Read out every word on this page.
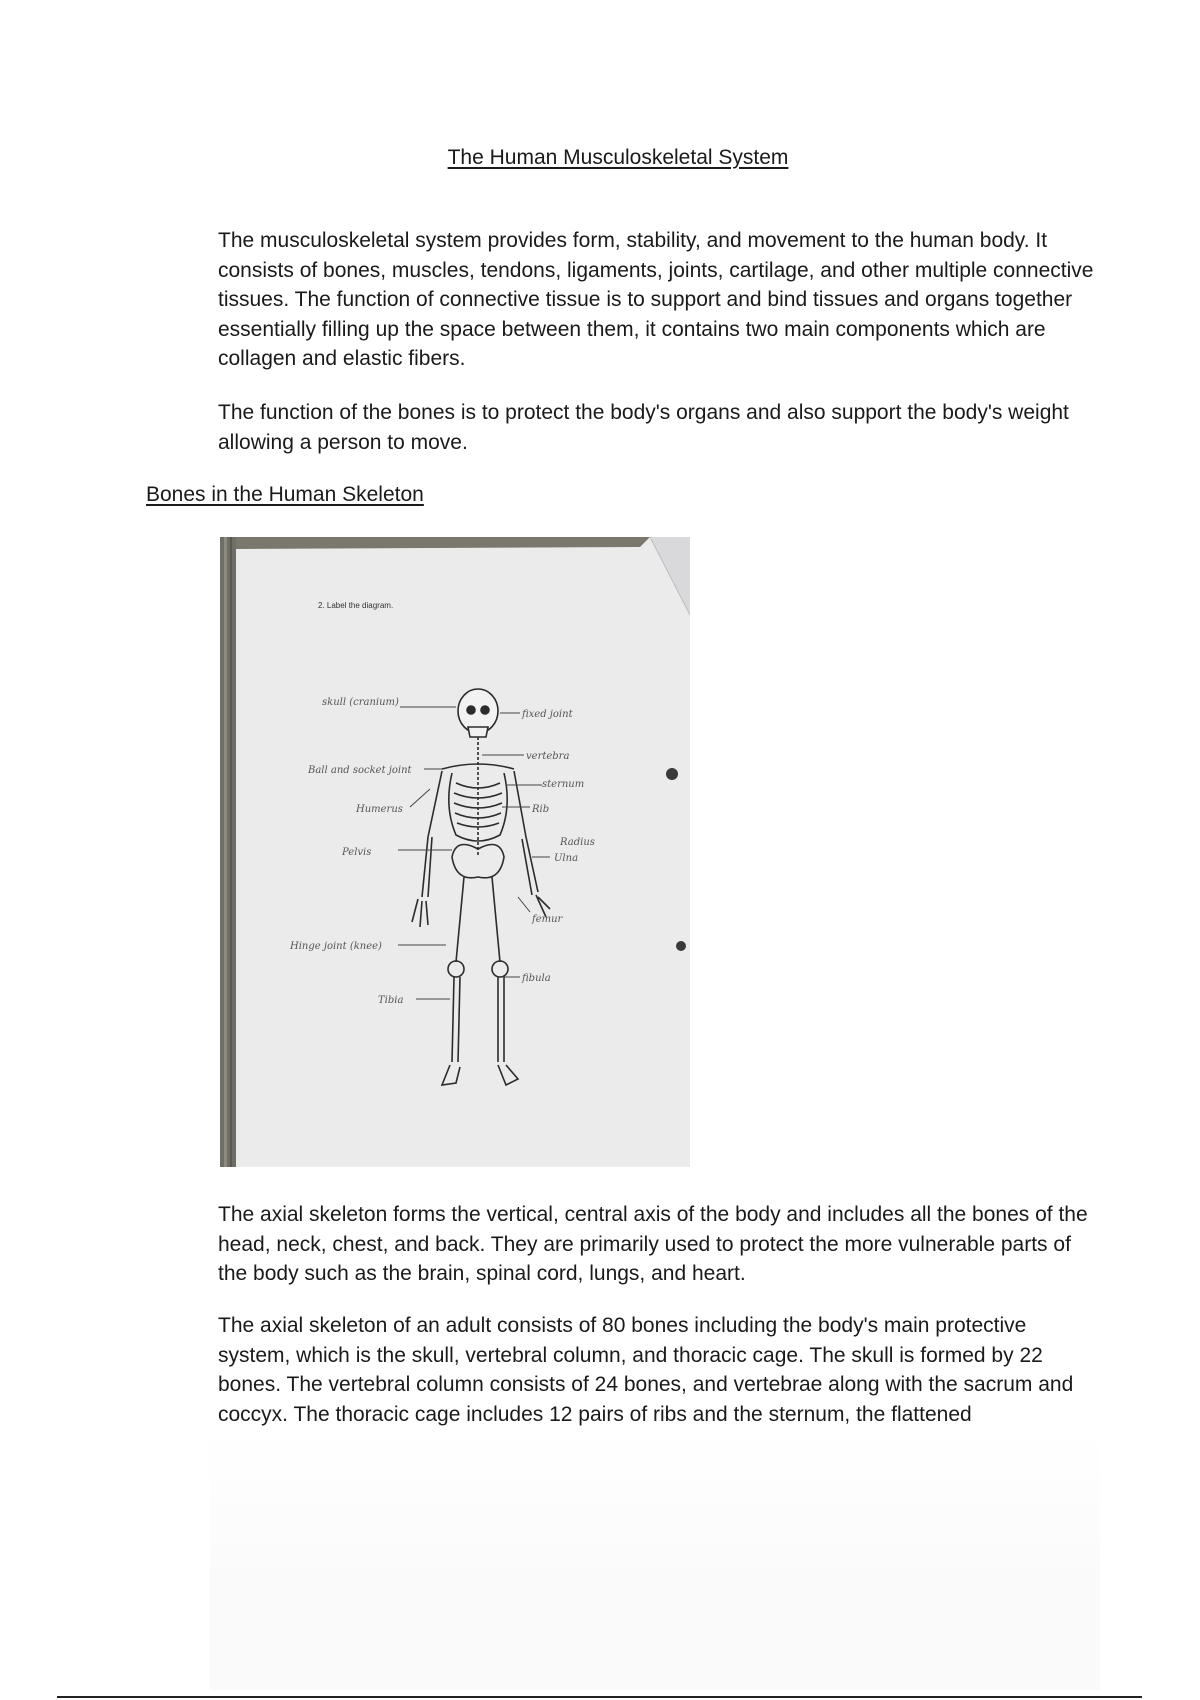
The Human Musculoskeletal System

The musculoskeletal system provides form, stability, and movement to the human body. It consists of bones, muscles, tendons, ligaments, joints, cartilage, and other multiple connective tissues. The function of connective tissue is to support and bind tissues and organs together essentially filling up the space between them, it contains two main components which are collagen and elastic fibers.

The function of the bones is to protect the body's organs and also support the body's weight allowing a person to move.

Bones in the Human Skeleton
2. Label the diagram.
skull (cranium)
fixed joint
vertebra
Ball and socket joint
sternum
Humerus	Rib
Radius
Pelvis
Ulna
femur
Hinge joint (knee)
fibula
Tibia

The axial skeleton forms the vertical, central axis of the body and includes all the bones of the head, neck, chest, and back. They are primarily used to protect the more vulnerable parts of the body such as the brain, spinal cord, lungs, and heart.

The axial skeleton of an adult consists of 80 bones including the body's main protective system, which is the skull, vertebral column, and thoracic cage. The skull is formed by 22 bones. The vertebral column consists of 24 bones, and vertebrae along with the sacrum and coccyx. The thoracic cage includes 12 pairs of ribs and the sternum, the flattened
